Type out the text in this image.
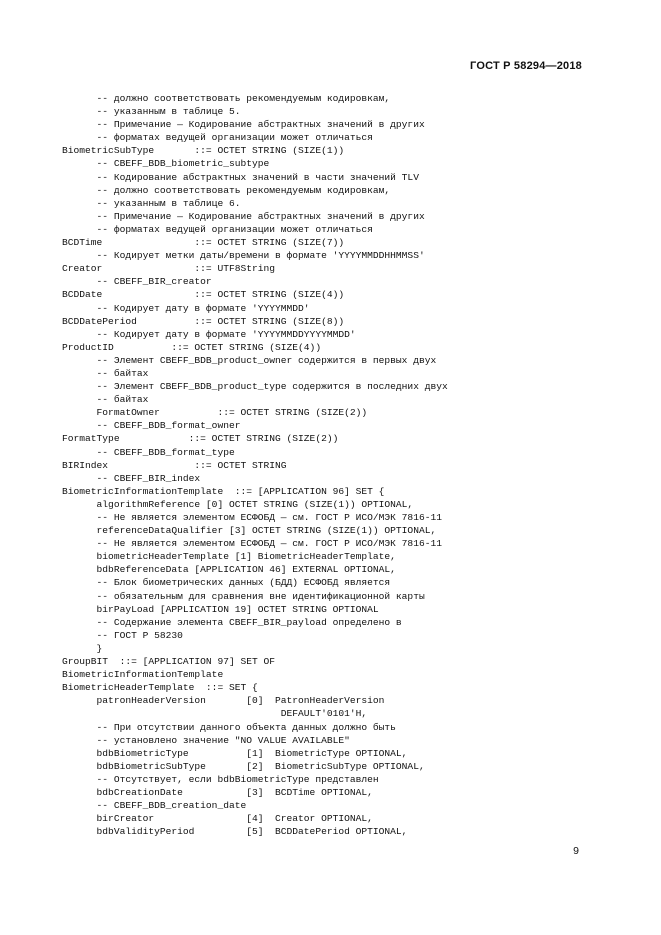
ГОСТ Р 58294—2018
-- должно соответствовать рекомендуемым кодировкам,
-- указанным в таблице 5.
-- Примечание — Кодирование абстрактных значений в других
-- форматах ведущей организации может отличаться
BiometricSubType       ::= OCTET STRING (SIZE(1))
-- CBEFF_BDB_biometric_subtype
-- Кодирование абстрактных значений в части значений TLV
-- должно соответствовать рекомендуемым кодировкам,
-- указанным в таблице 6.
-- Примечание — Кодирование абстрактных значений в других
-- форматах ведущей организации может отличаться
BCDTime                ::= OCTET STRING (SIZE(7))
-- Кодирует метки даты/времени в формате 'YYYYMMDDHHMMSS'
Creator                ::= UTF8String
-- CBEFF_BIR_creator
BCDDate                ::= OCTET STRING (SIZE(4))
-- Кодирует дату в формате 'YYYYMMDD'
BCDDatePeriod          ::= OCTET STRING (SIZE(8))
-- Кодирует дату в формате 'YYYYMMDDYYYYMMDD'
ProductID          ::= OCTET STRING (SIZE(4))
-- Элемент CBEFF_BDB_product_owner содержится в первых двух
-- байтах
-- Элемент CBEFF_BDB_product_type содержится в последних двух
-- байтах
FormatOwner          ::= OCTET STRING (SIZE(2))
-- CBEFF_BDB_format_owner
FormatType            ::= OCTET STRING (SIZE(2))
-- CBEFF_BDB_format_type
BIRIndex               ::= OCTET STRING
-- CBEFF_BIR_index
BiometricInformationTemplate  ::= [APPLICATION 96] SET {
algorithmReference [0] OCTET STRING (SIZE(1)) OPTIONAL,
-- Не является элементом ЕСФОБД — см. ГОСТ Р ИСО/МЭК 7816-11
referenceDataQualifier [3] OCTET STRING (SIZE(1)) OPTIONAL,
-- Не является элементом ЕСФОБД — см. ГОСТ Р ИСО/МЭК 7816-11
biometricHeaderTemplate [1] BiometricHeaderTemplate,
bdbReferenceData [APPLICATION 46] EXTERNAL OPTIONAL,
-- Блок биометрических данных (БДД) ЕСФОБД является
-- обязательным для сравнения вне идентификационной карты
birPayLoad [APPLICATION 19] OCTET STRING OPTIONAL
-- Содержание элемента CBEFF_BIR_payload определено в
-- ГОСТ Р 58230
}
GroupBIT  ::= [APPLICATION 97] SET OF
BiometricInformationTemplate
BiometricHeaderTemplate  ::= SET {
patronHeaderVersion       [0]  PatronHeaderVersion
DEFAULT'0101'H,
-- При отсутствии данного объекта данных должно быть
-- установлено значение "NO VALUE AVAILABLE"
bdbBiometricType          [1]  BiometricType OPTIONAL,
bdbBiometricSubType       [2]  BiometricSubType OPTIONAL,
-- Отсутствует, если bdbBiometricType представлен
bdbCreationDate           [3]  BCDTime OPTIONAL,
-- CBEFF_BDB_creation_date
birCreator                [4]  Creator OPTIONAL,
bdbValidityPeriod         [5]  BCDDatePeriod OPTIONAL,
9
